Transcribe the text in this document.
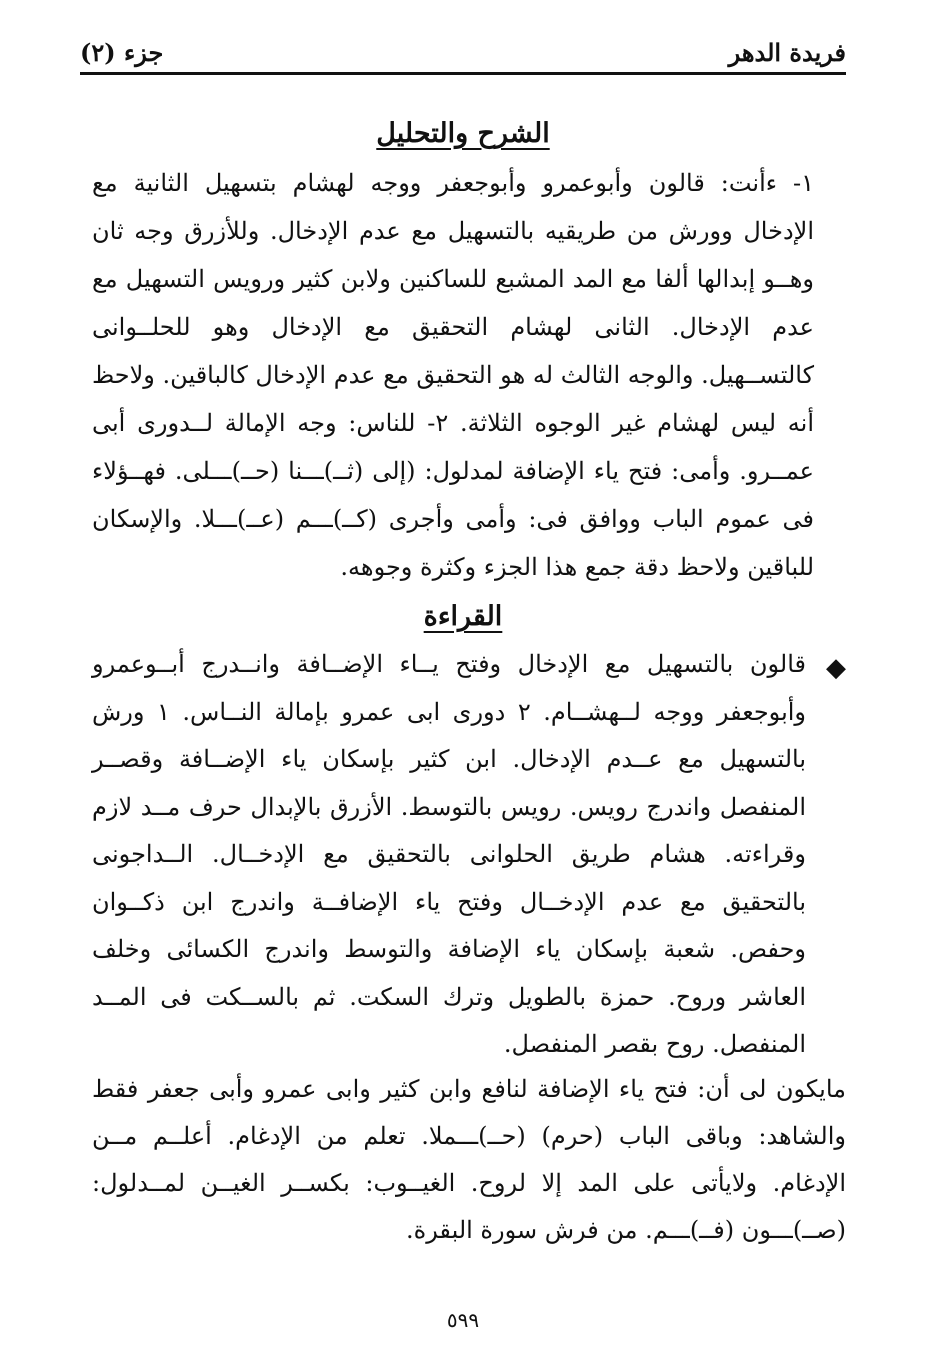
فريدة الدهر
جزء (٢)
الشرح والتحليل
١- ءأنت: قالون وأبوعمرو وأبوجعفر ووجه لهشام بتسهيل الثانية مع الإدخال وورش من طريقيه بالتسهيل مع عدم الإدخال. وللأزرق وجه ثان وهــو إبدالها ألفا مع المد المشبع للساكنين ولابن كثير ورويس التسهيل مع عدم الإدخال. الثانى لهشام التحقيق مع الإدخال وهو للحلــوانى كالتســهيل. والوجه الثالث له هو التحقيق مع عدم الإدخال كالباقين. ولاحظ أنه ليس لهشام غير الوجوه الثلاثة. ٢- للناس: وجه الإمالة لــدورى أبى عمــرو. وأمى: فتح ياء الإضافة لمدلول: (إلى (ثــ)ـــنا (حــ)ـــلى. فهــؤلاء فى عموم الباب ووافق فى: وأمى وأجرى (كــ)ـــم (عــ)ـــلا. والإسكان للباقين ولاحظ دقة جمع هذا الجزء وكثرة وجوهه.
القراءة
◆
قالون بالتسهيل مع الإدخال وفتح يــاء الإضــافة وانــدرج أبــوعمرو وأبوجعفر ووجه لــهشــام. ٢ دورى ابى عمرو بإمالة النــاس. ١ ورش بالتسهيل مع عــدم الإدخال. ابن كثير بإسكان ياء الإضــافة وقصــر المنفصل واندرج رويس. رويس بالتوسط. الأزرق بالإبدال حرف مــد لازم وقراءته. هشام طريق الحلوانى بالتحقيق مع الإدخــال. الــداجونى بالتحقيق مع عدم الإدخــال وفتح ياء الإضافــة واندرج ابن ذكــوان وحفص. شعبة بإسكان ياء الإضافة والتوسط واندرج الكسائى وخلف العاشر وروح. حمزة بالطويل وترك السكت. ثم بالســكت فى المــد المنفصل. روح بقصر المنفصل.
مايكون لى أن: فتح ياء الإضافة لنافع وابن كثير وابى عمرو وأبى جعفر فقط والشاهد: وباقى الباب (حرم) (حــ)ـــملا. تعلم من الإدغام. أعلــم مــن الإدغام. ولايأتى على المد إلا لروح. الغيــوب: بكســر الغيــن لمــدلول: (صــ)ـــون (فــ)ـــم. من فرش سورة البقرة.
٥٩٩
